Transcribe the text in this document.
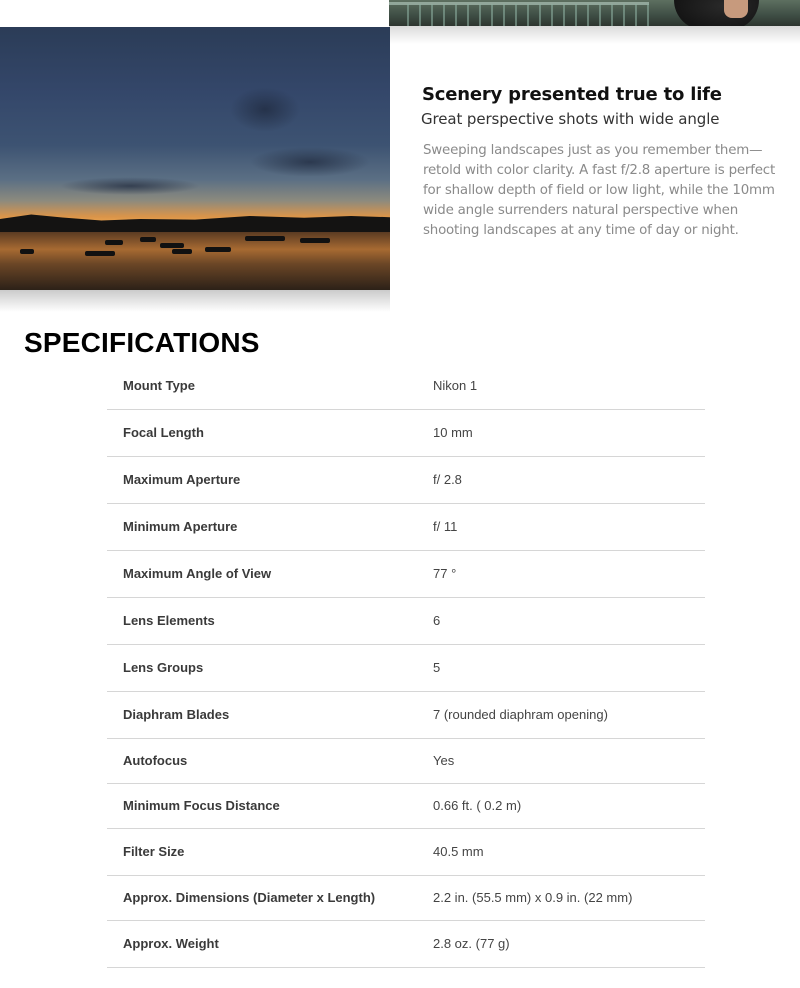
Scenery presented true to life
Great perspective shots with wide angle
Sweeping landscapes just as you remember them—retold with color clarity. A fast f/2.8 aperture is perfect for shallow depth of field or low light, while the 10mm wide angle surrenders natural perspective when shooting landscapes at any time of day or night.
SPECIFICATIONS
Mount Type	Nikon 1
Focal Length	10 mm
Maximum Aperture	f/ 2.8
Minimum Aperture	f/ 11
Maximum Angle of View	77 °
Lens Elements	6
Lens Groups	5
Diaphram Blades	7 (rounded diaphram opening)
Autofocus	Yes
Minimum Focus Distance	0.66 ft. ( 0.2 m)
Filter Size	40.5 mm
Approx. Dimensions (Diameter x Length)	2.2 in. (55.5 mm) x 0.9 in. (22 mm)
Approx. Weight	2.8 oz. (77 g)
